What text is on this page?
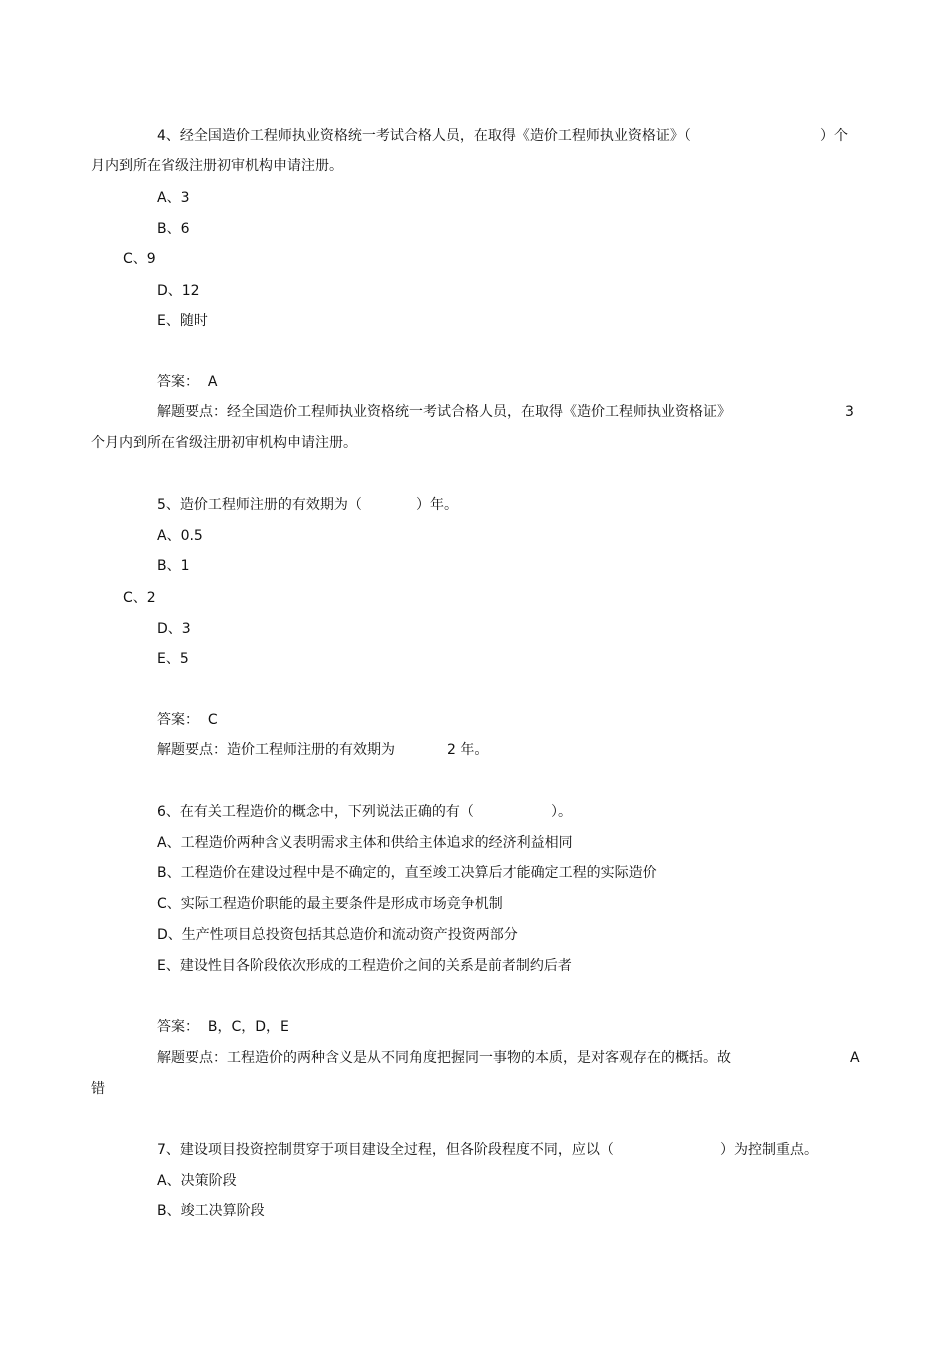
4、经全国造价工程师执业资格统一考试合格人员，在取得《造价工程师执业资格证》（	）个
月内到所在省级注册初审机构申请注册。
A、3
B、6
C、9
D、12
E、随时
答案：  A
解题要点：经全国造价工程师执业资格统一考试合格人员，在取得《造价工程师执业资格证》	3
个月内到所在省级注册初审机构申请注册。
5、造价工程师注册的有效期为（	）年。
A、0.5
B、1
C、2
D、3
E、5
答案：  C
解题要点：造价工程师注册的有效期为	2 年。
6、在有关工程造价的概念中，下列说法正确的有（	）。
A、工程造价两种含义表明需求主体和供给主体追求的经济利益相同
B、工程造价在建设过程中是不确定的，直至竣工决算后才能确定工程的实际造价
C、实际工程造价职能的最主要条件是形成市场竞争机制
D、生产性项目总投资包括其总造价和流动资产投资两部分
E、建设性目各阶段依次形成的工程造价之间的关系是前者制约后者
答案：  B，C，D，E
解题要点：工程造价的两种含义是从不同角度把握同一事物的本质，是对客观存在的概括。故	A
错
7、建设项目投资控制贯穿于项目建设全过程，但各阶段程度不同，应以（	）为控制重点。
A、决策阶段
B、竣工决算阶段
